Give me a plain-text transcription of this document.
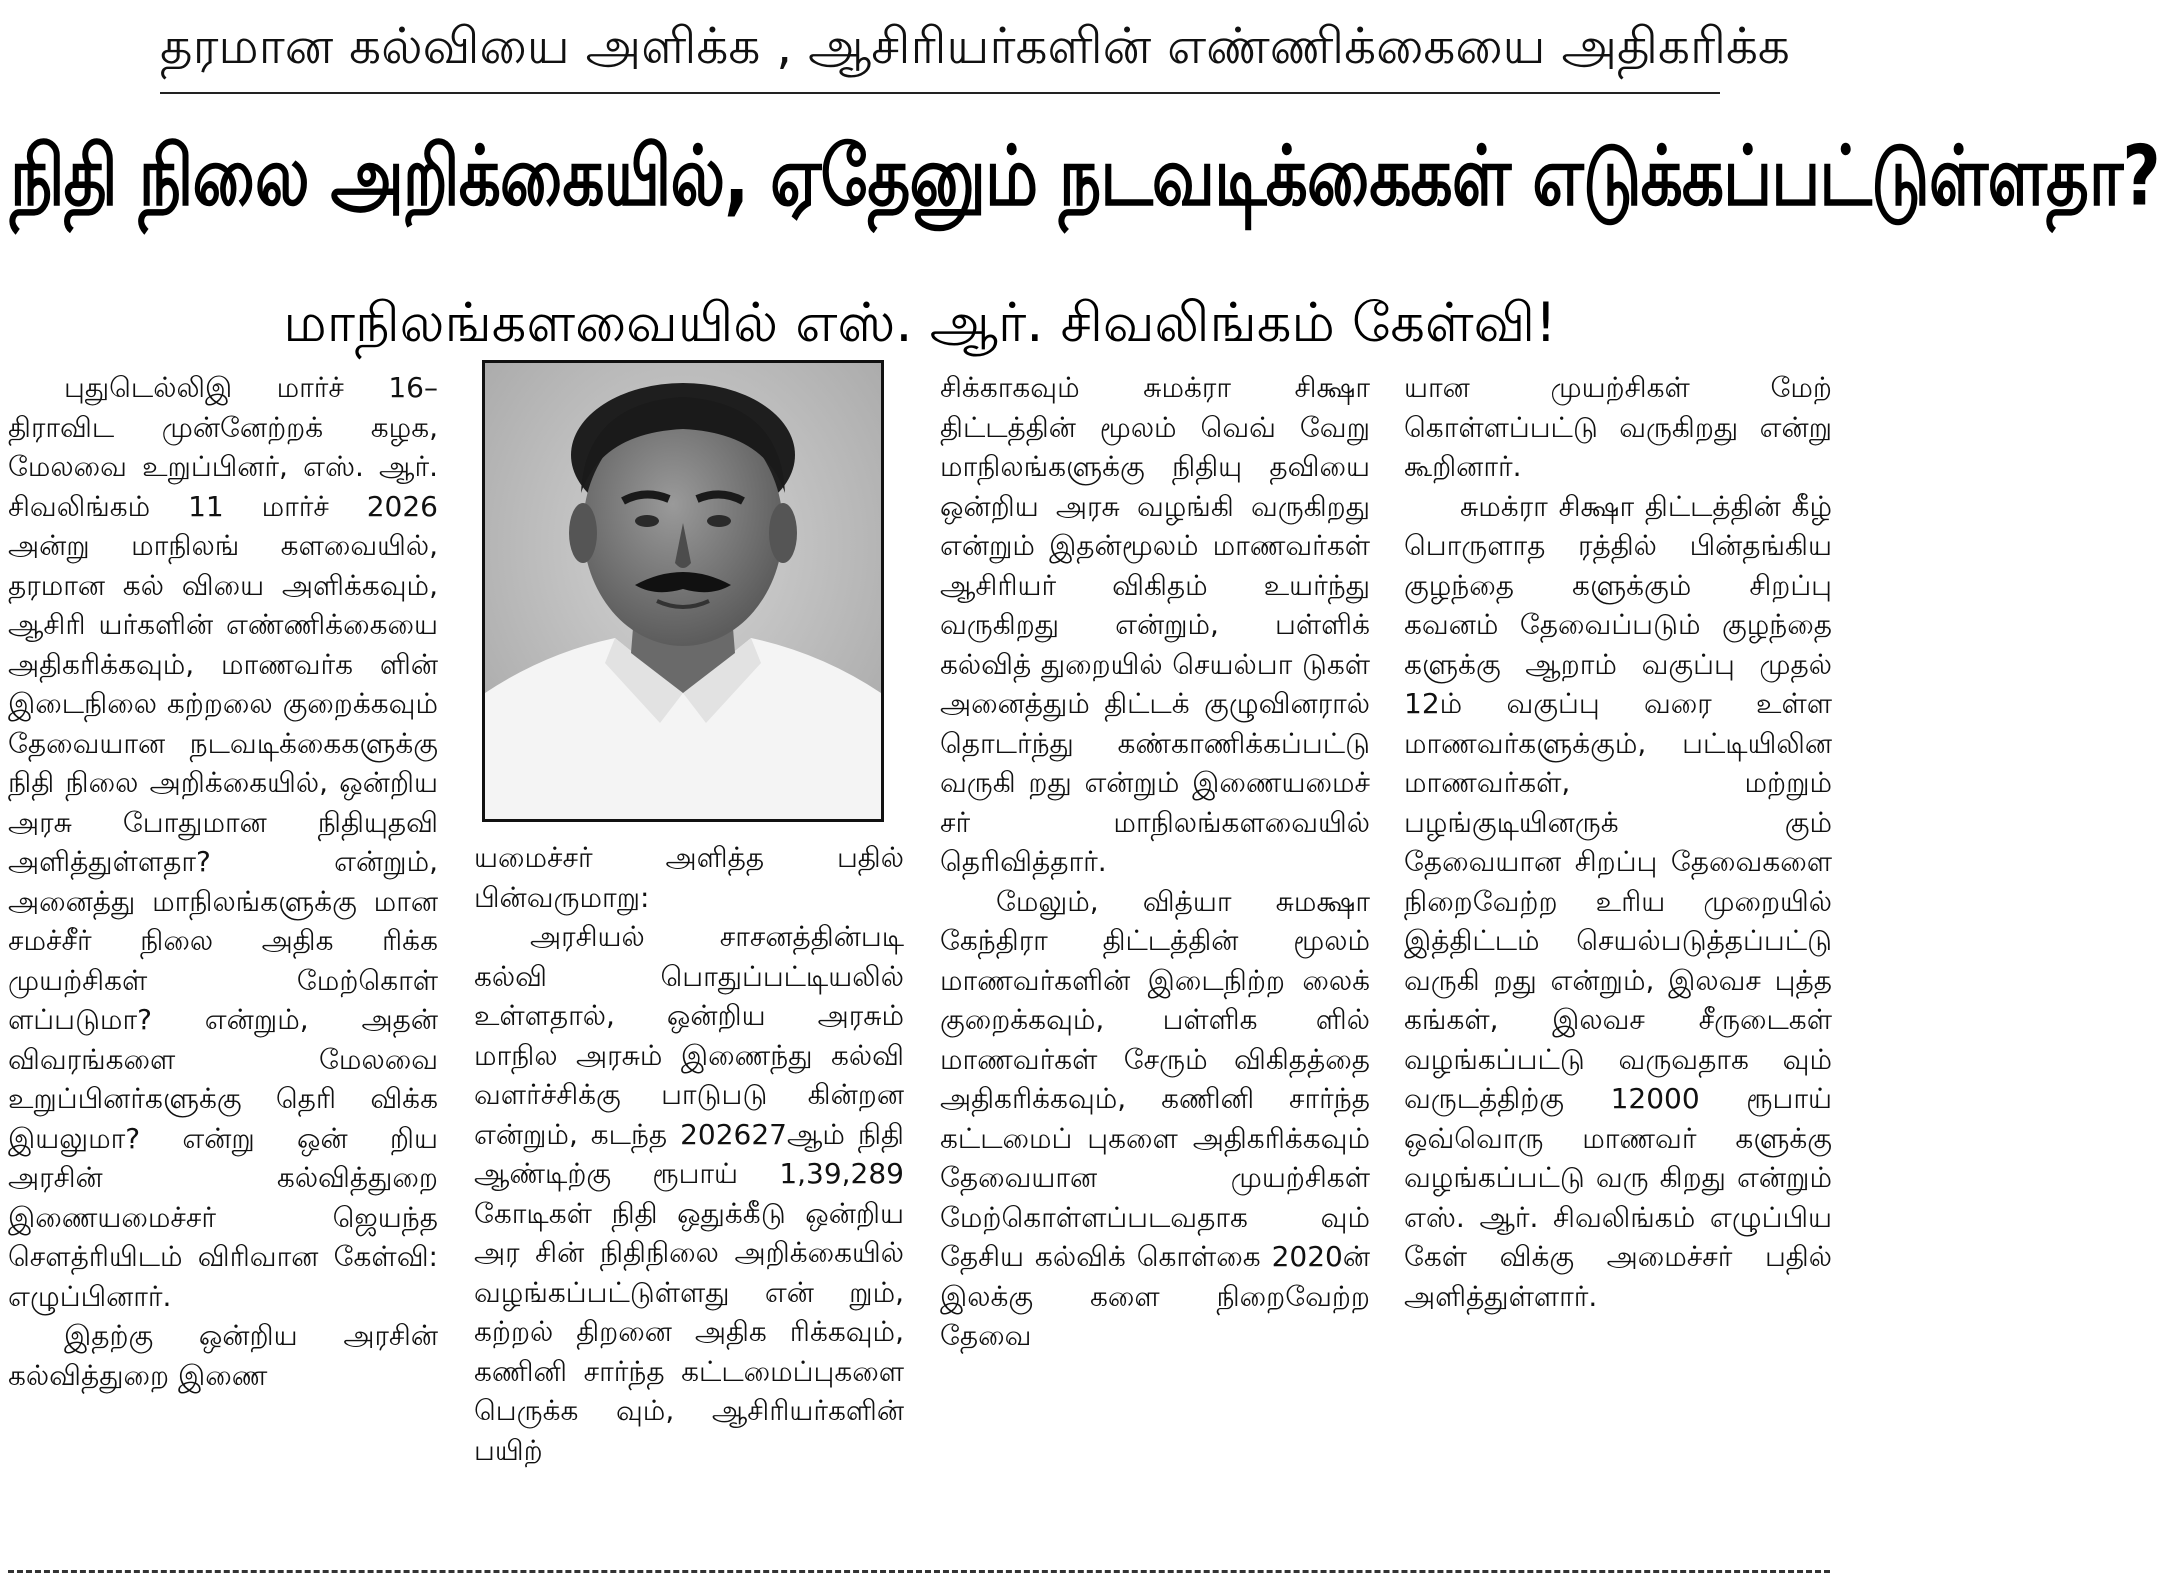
தரமான கல்வியை அளிக்க , ஆசிரியர்களின் எண்ணிக்கையை அதிகரிக்க
நிதி நிலை அறிக்கையில், ஏதேனும் நடவடிக்கைகள் எடுக்கப்பட்டுள்ளதா?
மாநிலங்களவையில் எஸ். ஆர். சிவலிங்கம் கேள்வி!

புதுடெல்லிஇ மார்ச் 16– திராவிட முன்னேற்றக் கழக, மேலவை உறுப்பினர், எஸ். ஆர். சிவலிங்கம் 11 மார்ச் 2026 அன்று மாநிலங் களவையில், தரமான கல் வியை அளிக்கவும், ஆசிரி யர்களின் எண்ணிக்கையை அதிகரிக்கவும், மாணவர்க ளின் இடைநிலை கற்றலை குறைக்கவும் தேவையான நடவடிக்கைகளுக்கு நிதி நிலை அறிக்கையில், ஒன்றிய அரசு போதுமான நிதியுதவி அளித்துள்ளதா? என்றும், அனைத்து மாநிலங்களுக்கு மான சமச்சீர் நிலை அதிக ரிக்க முயற்சிகள் மேற்கொள் ளப்படுமா? என்றும், அதன் விவரங்களை மேலவை உறுப்பினர்களுக்கு தெரி விக்க இயலுமா? என்று ஒன் றிய அரசின் கல்வித்துறை இணையமைச்சர் ஜெயந்த சௌத்ரியிடம் விரிவான கேள்வி: எழுப்பினார்.

இதற்கு ஒன்றிய அரசின் கல்வித்துறை இணை

யமைச்சர் அளித்த பதில் பின்வருமாறு:

அரசியல் சாசனத்தின்படி கல்வி பொதுப்பட்டியலில் உள்ளதால், ஒன்றிய அரசும் மாநில அரசும் இணைந்து கல்வி வளர்ச்சிக்கு பாடுபடு கின்றன என்றும், கடந்த 202627ஆம் நிதி ஆண்டிற்கு ரூபாய் 1,39,289 கோடிகள் நிதி ஒதுக்கீடு ஒன்றிய அர சின் நிதிநிலை அறிக்கையில் வழங்கப்பட்டுள்ளது என் றும், கற்றல் திறனை அதிக ரிக்கவும், கணினி சார்ந்த கட்டமைப்புகளை பெருக்க வும், ஆசிரியர்களின் பயிற்

சிக்காகவும் சுமக்ரா சிக்ஷா திட்டத்தின் மூலம் வெவ் வேறு மாநிலங்களுக்கு நிதியு தவியை ஒன்றிய அரசு வழங்கி வருகிறது என்றும் இதன்மூலம் மாணவர்கள் ஆசிரியர் விகிதம் உயர்ந்து வருகிறது என்றும், பள்ளிக் கல்வித் துறையில் செயல்பா டுகள் அனைத்தும் திட்டக் குழுவினரால் தொடர்ந்து கண்காணிக்கப்பட்டு வருகி றது என்றும் இணையமைச் சர் மாநிலங்களவையில் தெரிவித்தார்.

மேலும், வித்யா சுமக்ஷா கேந்திரா திட்டத்தின் மூலம் மாணவர்களின் இடைநிற்ற லைக் குறைக்கவும், பள்ளிக ளில் மாணவர்கள் சேரும் விகிதத்தை அதிகரிக்கவும், கணினி சார்ந்த கட்டமைப் புகளை அதிகரிக்கவும் தேவையான முயற்சிகள் மேற்கொள்ளப்படவதாக வும் தேசிய கல்விக் கொள்கை 2020ன் இலக்கு களை நிறைவேற்ற தேவை

யான முயற்சிகள் மேற் கொள்ளப்பட்டு வருகிறது என்று கூறினார்.

சுமக்ரா சிக்ஷா திட்டத்தின் கீழ் பொருளாத ரத்தில் பின்தங்கிய குழந்தை களுக்கும் சிறப்பு கவனம் தேவைப்படும் குழந்தை களுக்கு ஆறாம் வகுப்பு முதல் 12ம் வகுப்பு வரை உள்ள மாணவர்களுக்கும், பட்டியிலின மாணவர்கள், மற்றும் பழங்குடியினருக் கும் தேவையான சிறப்பு தேவைகளை நிறைவேற்ற உரிய முறையில் இத்திட்டம் செயல்படுத்தப்பட்டு வருகி றது என்றும், இலவச புத்த கங்கள், இலவச சீருடைகள் வழங்கப்பட்டு வருவதாக வும் வருடத்திற்கு 12000 ரூபாய் ஒவ்வொரு மாணவர் களுக்கு வழங்கப்பட்டு வரு கிறது என்றும் எஸ். ஆர். சிவலிங்கம் எழுப்பிய கேள் விக்கு அமைச்சர் பதில் அளித்துள்ளார்.
